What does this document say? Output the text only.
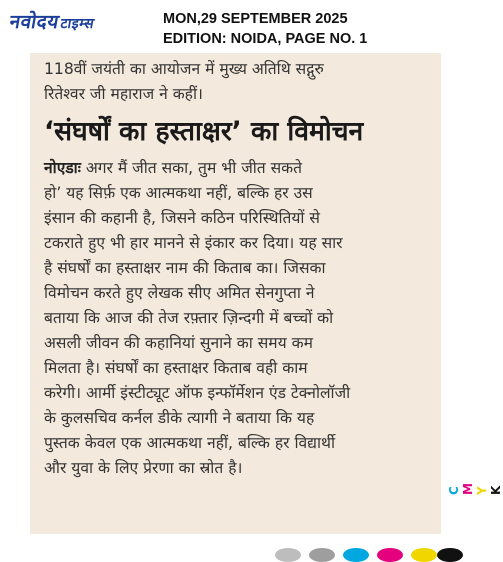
नवोदयटाइम्स	MON,29 SEPTEMBER 2025
EDITION: NOIDA, PAGE NO. 1
118वीं जयंती का आयोजन में मुख्य अतिथि सद्गुरु
रितेश्वर जी महाराज ने कहीं।
‘संघर्षों का हस्ताक्षर’ का विमोचन
नोएडाः अगर मैं जीत सका, तुम भी जीत सकते
हो’ यह सिर्फ़ एक आत्मकथा नहीं, बल्कि हर उस
इंसान की कहानी है, जिसने कठिन परिस्थितियों से
टकराते हुए भी हार मानने से इंकार कर दिया। यह सार
है संघर्षों का हस्ताक्षर नाम की किताब का। जिसका
विमोचन करते हुए लेखक सीए अमित सेनगुप्ता ने
बताया कि आज की तेज रफ़्तार ज़िन्दगी में बच्चों को
असली जीवन की कहानियां सुनाने का समय कम
मिलता है। संघर्षों का हस्ताक्षर किताब वही काम
करेगी। आर्मी इंस्टीट्यूट ऑफ इन्फॉर्मेशन एंड टेक्नोलॉजी
के कुलसचिव कर्नल डीके त्यागी ने बताया कि यह
पुस्तक केवल एक आत्मकथा नहीं, बल्कि हर विद्यार्थी
और युवा के लिए प्रेरणा का स्रोत है।
CMYK
